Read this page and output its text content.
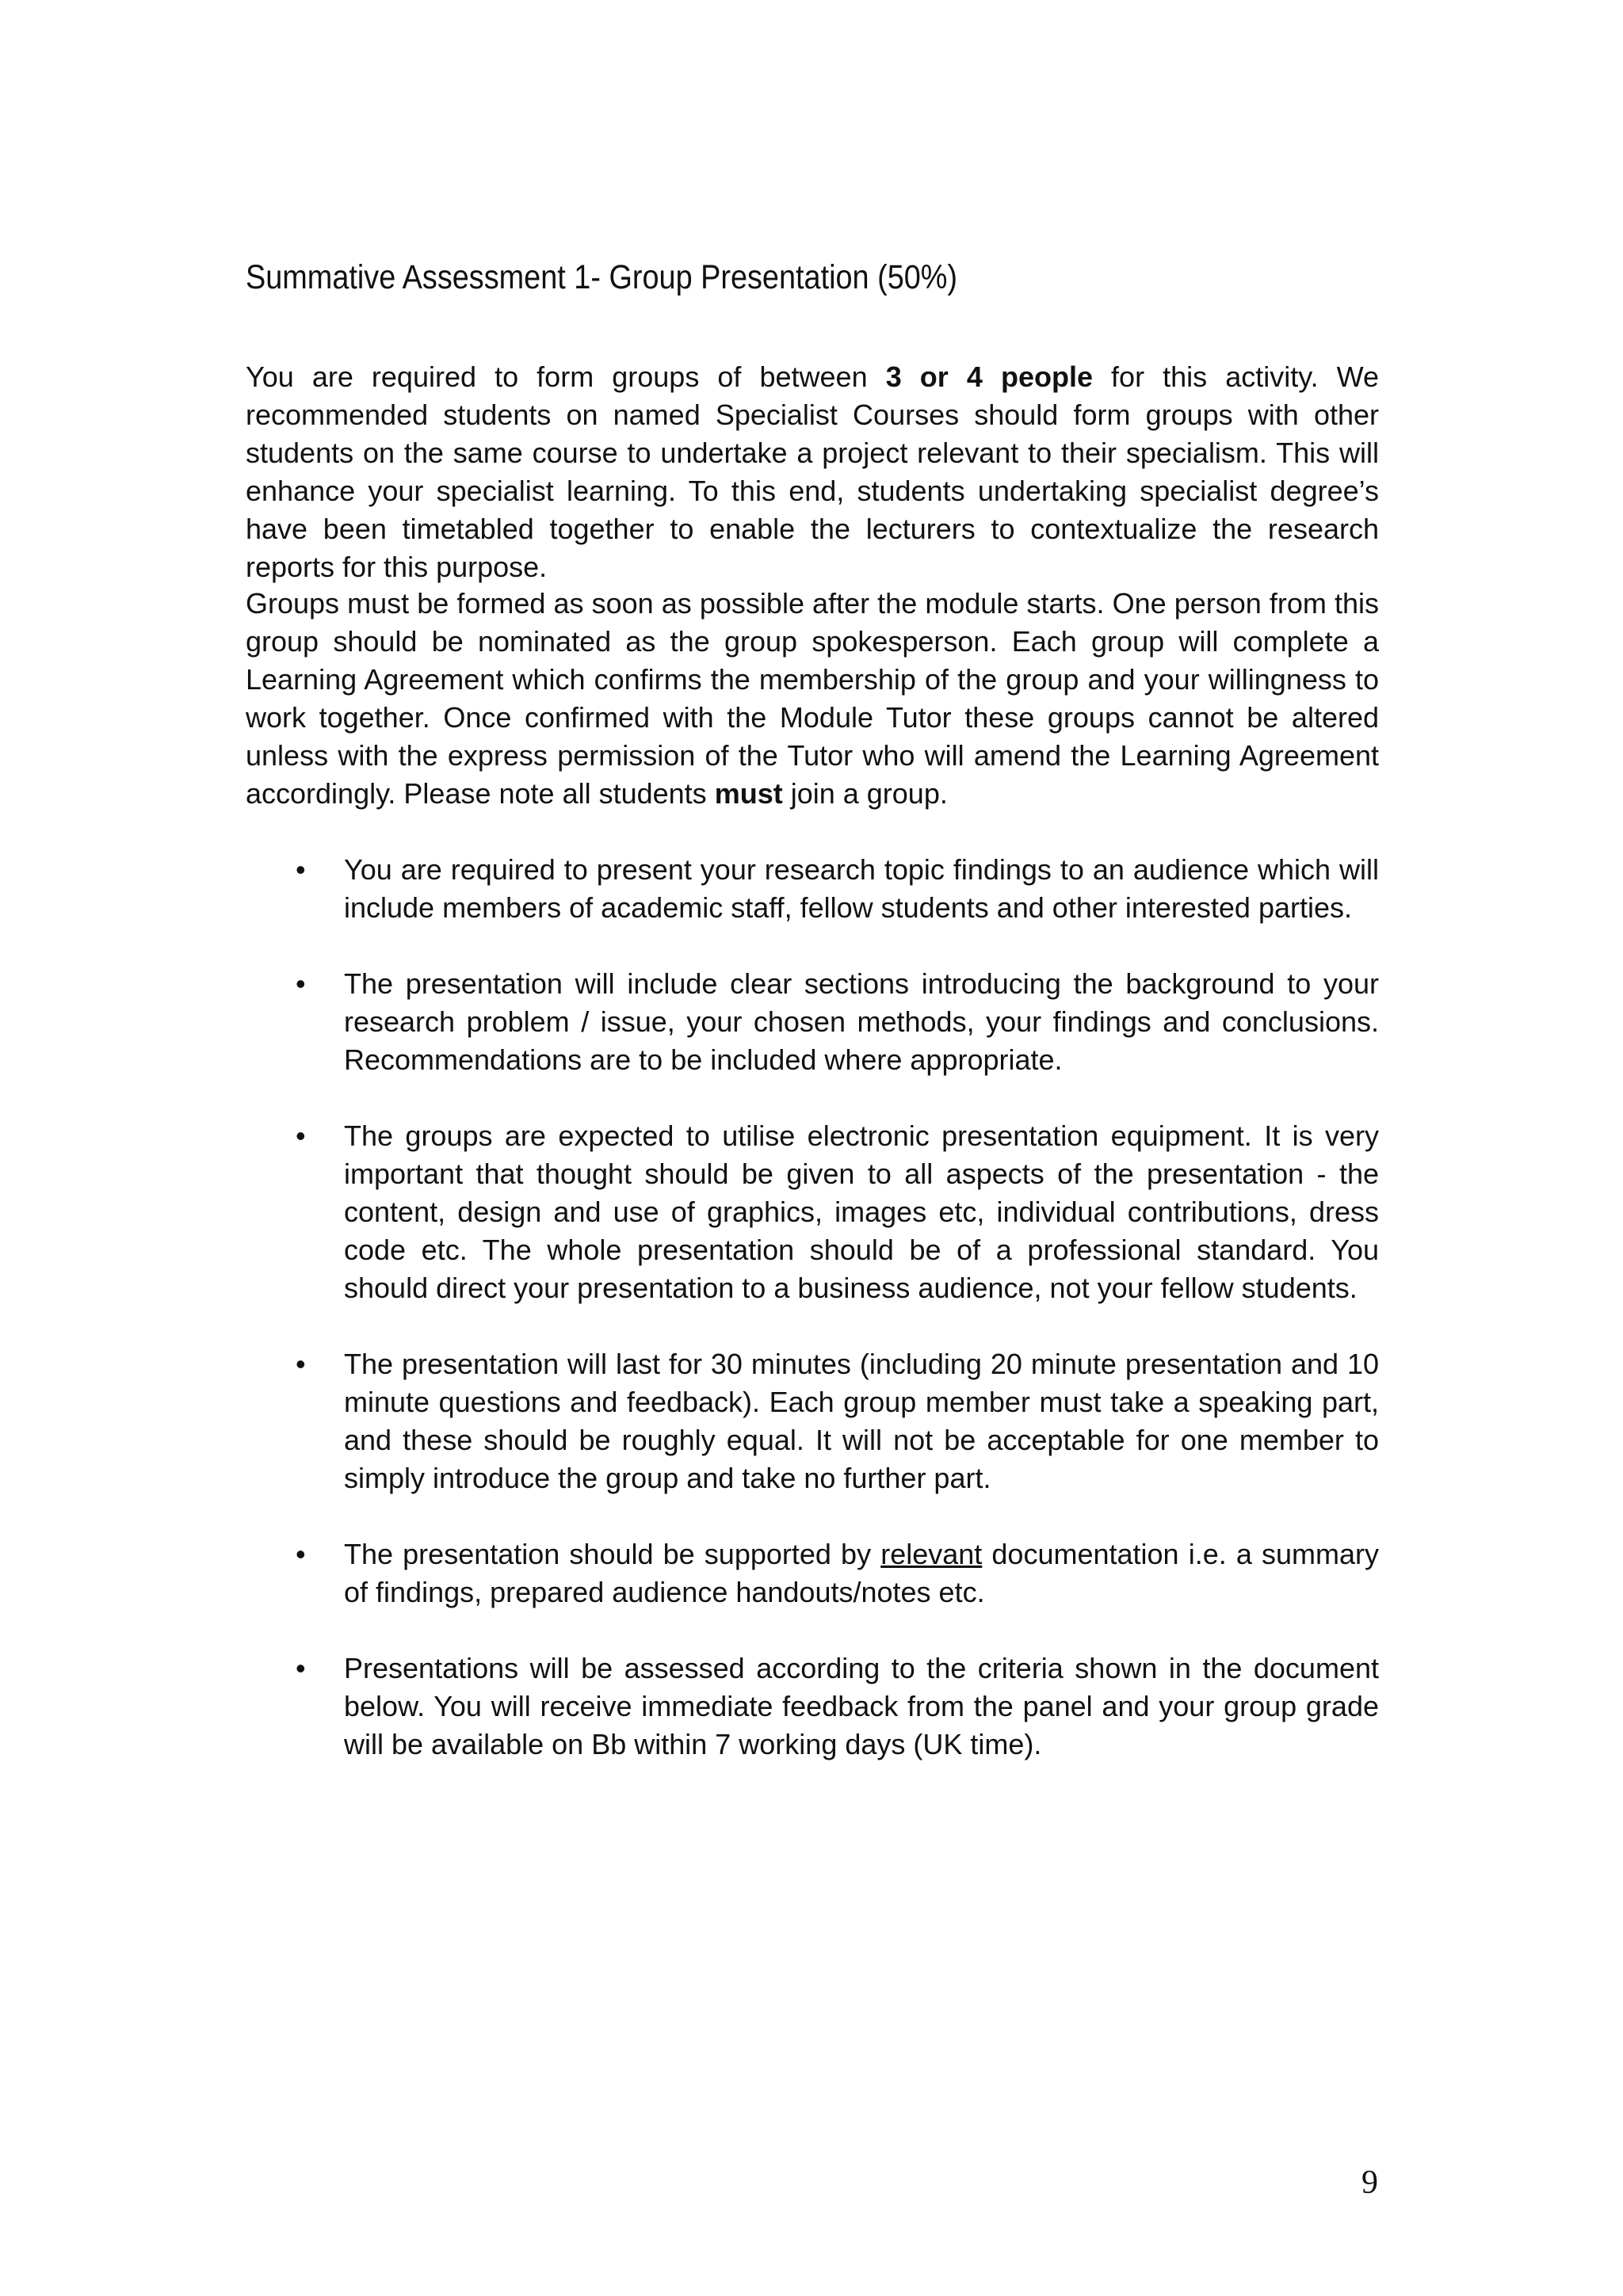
Summative Assessment 1- Group Presentation (50%)

You are required to form groups of between 3 or 4 people for this activity. We recommended students on named Specialist Courses should form groups with other students on the same course to undertake a project relevant to their specialism. This will enhance your specialist learning. To this end, students undertaking specialist degree’s have been timetabled together to enable the lecturers to contextualize the research reports for this purpose.

Groups must be formed as soon as possible after the module starts. One person from this group should be nominated as the group spokesperson. Each group will complete a Learning Agreement which confirms the membership of the group and your willingness to work together. Once confirmed with the Module Tutor these groups cannot be altered unless with the express permission of the Tutor who will amend the Learning Agreement accordingly. Please note all students must join a group.

• You are required to present your research topic findings to an audience which will include members of academic staff, fellow students and other interested parties.
• The presentation will include clear sections introducing the background to your research problem / issue, your chosen methods, your findings and conclusions. Recommendations are to be included where appropriate.
• The groups are expected to utilise electronic presentation equipment. It is very important that thought should be given to all aspects of the presentation - the content, design and use of graphics, images etc, individual contributions, dress code etc. The whole presentation should be of a professional standard. You should direct your presentation to a business audience, not your fellow students.
• The presentation will last for 30 minutes (including 20 minute presentation and 10 minute questions and feedback). Each group member must take a speaking part, and these should be roughly equal. It will not be acceptable for one member to simply introduce the group and take no further part.
• The presentation should be supported by relevant documentation i.e. a summary of findings, prepared audience handouts/notes etc.
• Presentations will be assessed according to the criteria shown in the document below. You will receive immediate feedback from the panel and your group grade will be available on Bb within 7 working days (UK time).
9
